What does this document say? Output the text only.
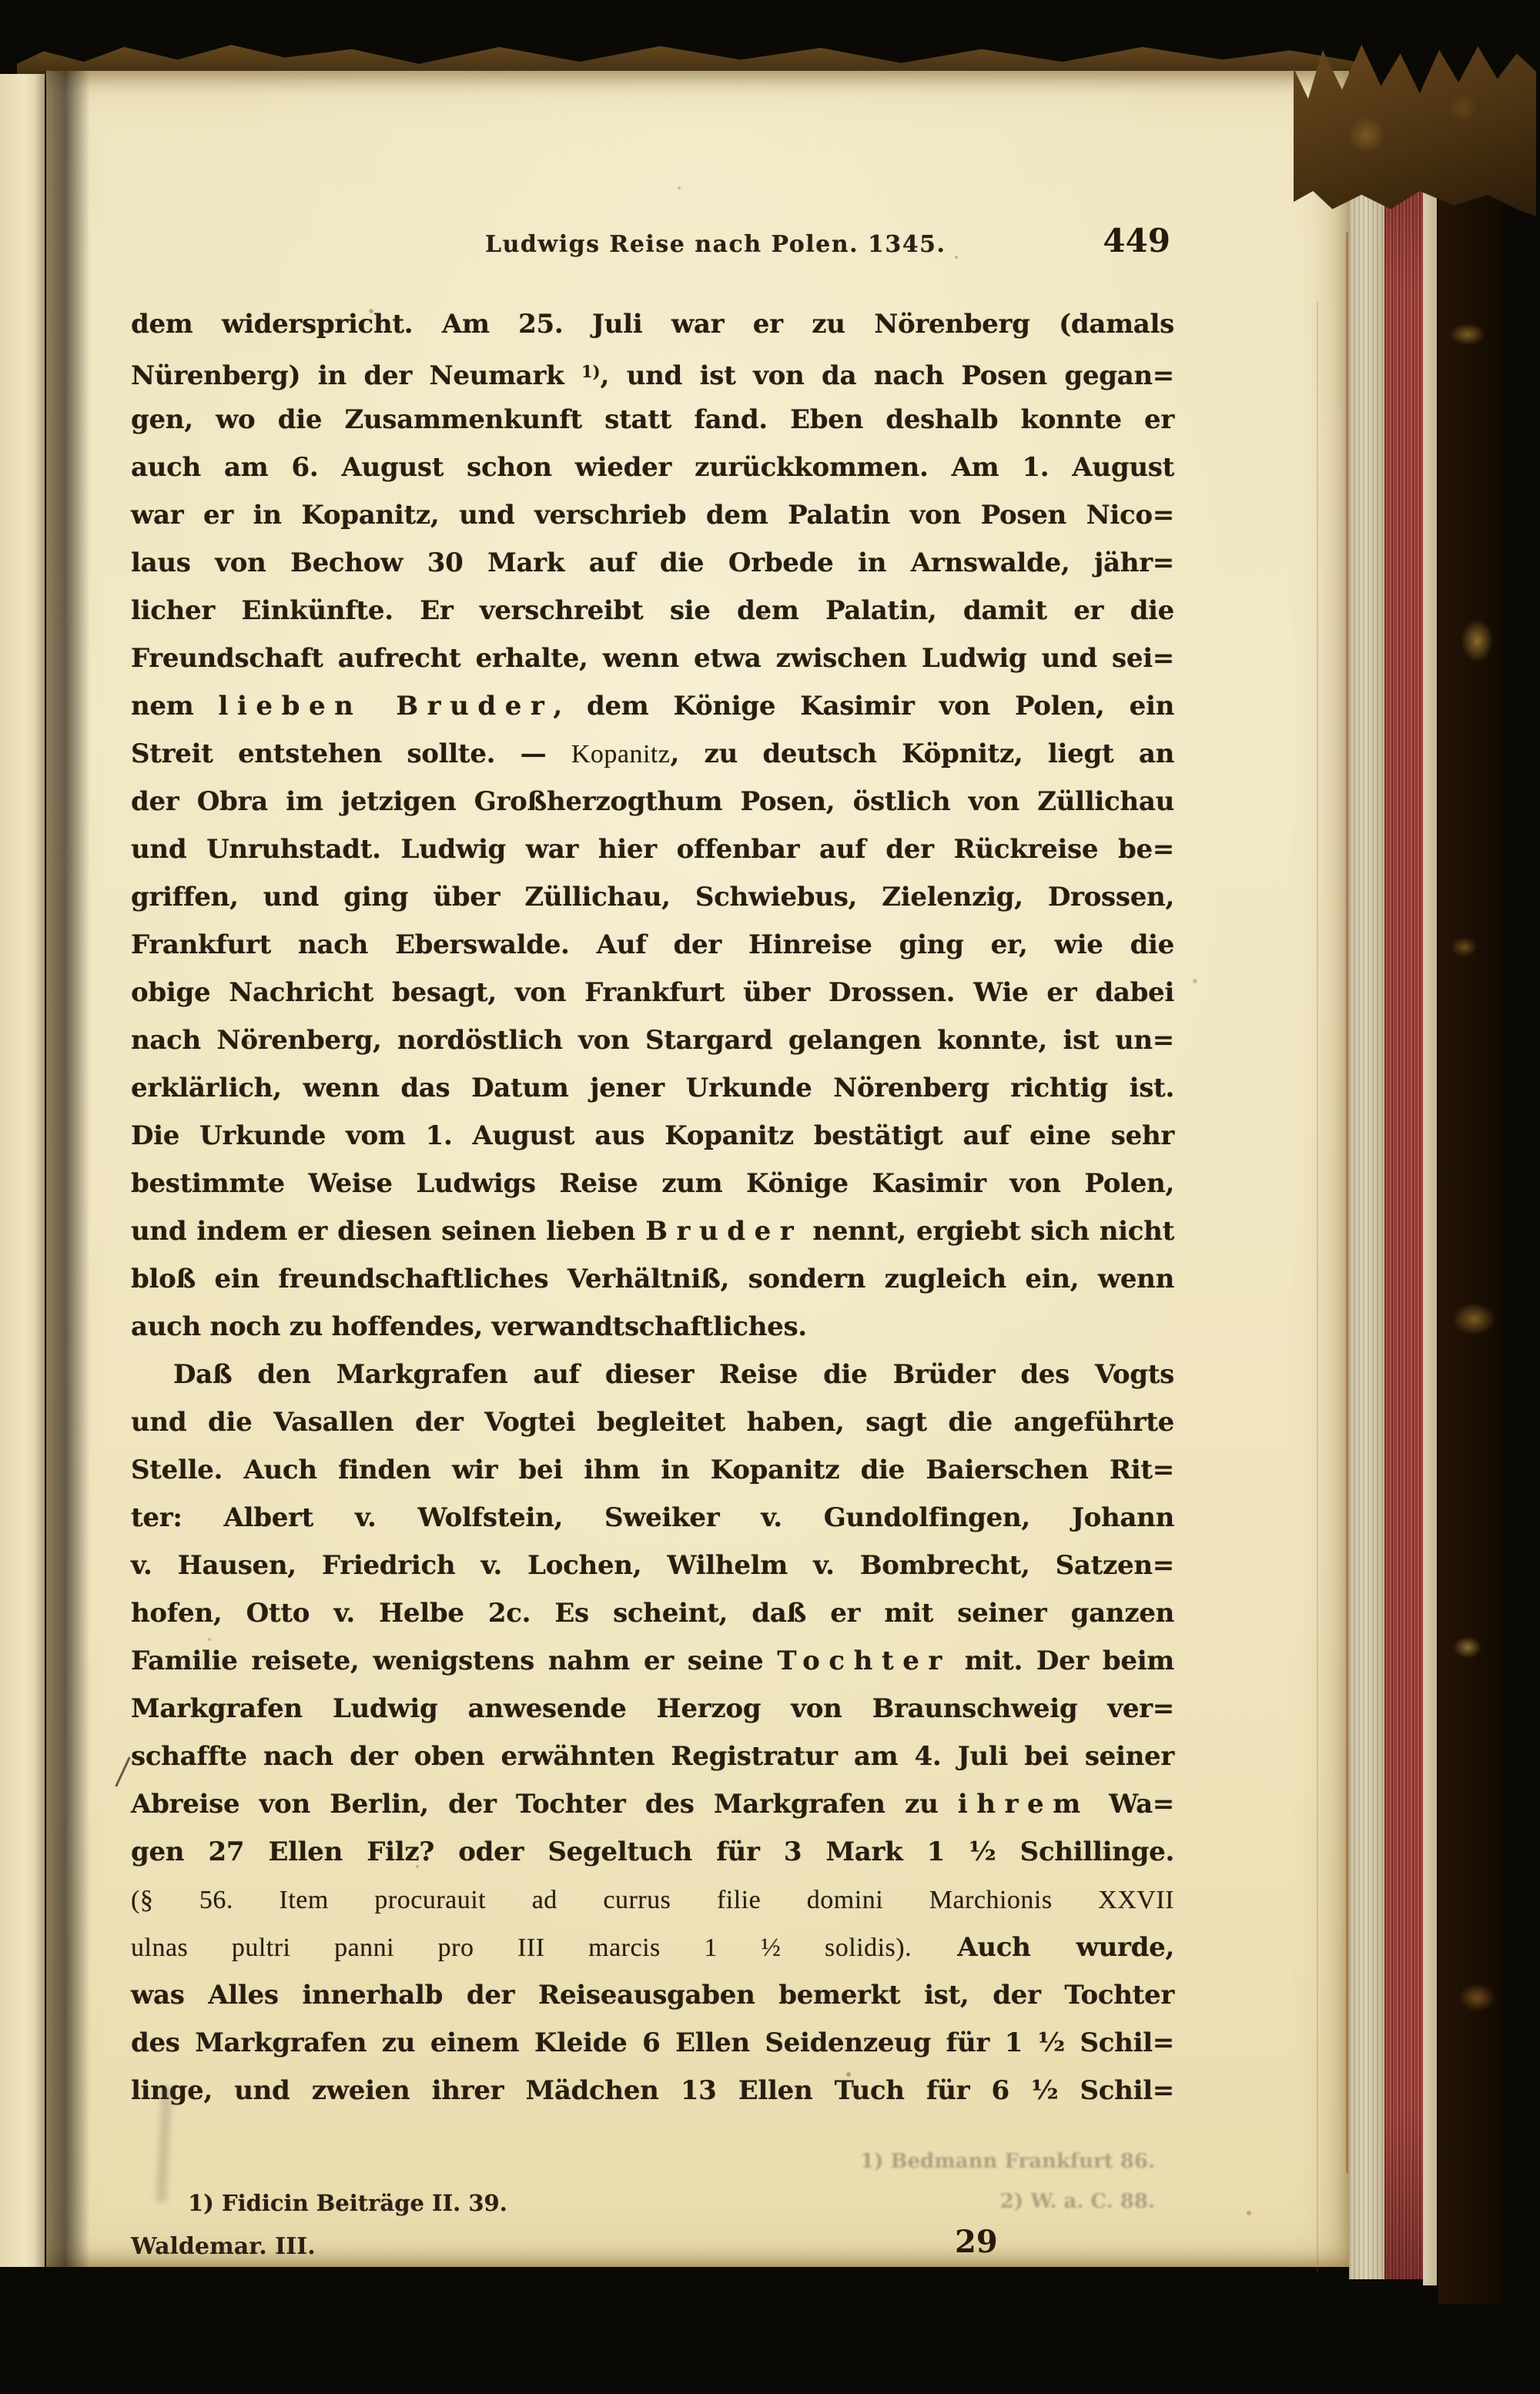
Ludwigs Reise nach Polen. 1345.	449
dem widerspricht. Am 25. Juli war er zu Nörenberg (damals
Nürenberg) in der Neumark $^{1)}$, und ist von da nach Posen gegan=
gen, wo die Zusammenkunft statt fand. Eben deshalb konnte er
auch am 6. August schon wieder zurückkommen. Am 1. August
war er in Kopanitz, und verschrieb dem Palatin von Posen Nico=
laus von Bechow 30 Mark auf die Orbede in Arnswalde, jähr=
licher Einkünfte. Er verschreibt sie dem Palatin, damit er die
Freundschaft aufrecht erhalte, wenn etwa zwischen Ludwig und sei=
nem lieben Bruder, dem Könige Kasimir von Polen, ein
Streit entstehen sollte. — Kopanitz, zu deutsch Köpnitz, liegt an
der Obra im jetzigen Großherzogthum Posen, östlich von Züllichau
und Unruhstadt. Ludwig war hier offenbar auf der Rückreise be=
griffen, und ging über Züllichau, Schwiebus, Zielenzig, Drossen,
Frankfurt nach Eberswalde. Auf der Hinreise ging er, wie die
obige Nachricht besagt, von Frankfurt über Drossen. Wie er dabei
nach Nörenberg, nordöstlich von Stargard gelangen konnte, ist un=
erklärlich, wenn das Datum jener Urkunde Nörenberg richtig ist.
Die Urkunde vom 1. August aus Kopanitz bestätigt auf eine sehr
bestimmte Weise Ludwigs Reise zum Könige Kasimir von Polen,
und indem er diesen seinen lieben Bruder nennt, ergiebt sich nicht
bloß ein freundschaftliches Verhältniß, sondern zugleich ein, wenn
auch noch zu hoffendes, verwandtschaftliches.
Daß den Markgrafen auf dieser Reise die Brüder des Vogts
und die Vasallen der Vogtei begleitet haben, sagt die angeführte
Stelle. Auch finden wir bei ihm in Kopanitz die Baierschen Rit=
ter: Albert v. Wolfstein, Sweiker v. Gundolfingen, Johann
v. Hausen, Friedrich v. Lochen, Wilhelm v. Bombrecht, Satzen=
hofen, Otto v. Helbe 2c. Es scheint, daß er mit seiner ganzen
Familie reisete, wenigstens nahm er seine Tochter mit. Der beim
Markgrafen Ludwig anwesende Herzog von Braunschweig ver=
schaffte nach der oben erwähnten Registratur am 4. Juli bei seiner
Abreise von Berlin, der Tochter des Markgrafen zu ihrem Wa=
gen 27 Ellen Filz? oder Segeltuch für 3 Mark 1 ½ Schillinge.
(§ 56. Item procurauit ad currus filie domini Marchionis XXVII
ulnas pultri panni pro III marcis 1 ½ solidis). Auch wurde,
was Alles innerhalb der Reiseausgaben bemerkt ist, der Tochter
des Markgrafen zu einem Kleide 6 Ellen Seidenzeug für 1 ½ Schil=
linge, und zweien ihrer Mädchen 13 Ellen Tuch für 6 ½ Schil=
1) Bedmann Frankfurt 86.
2) W. a. C. 88.
1) Fidicin Beiträge II. 39.
Waldemar. III.	29
